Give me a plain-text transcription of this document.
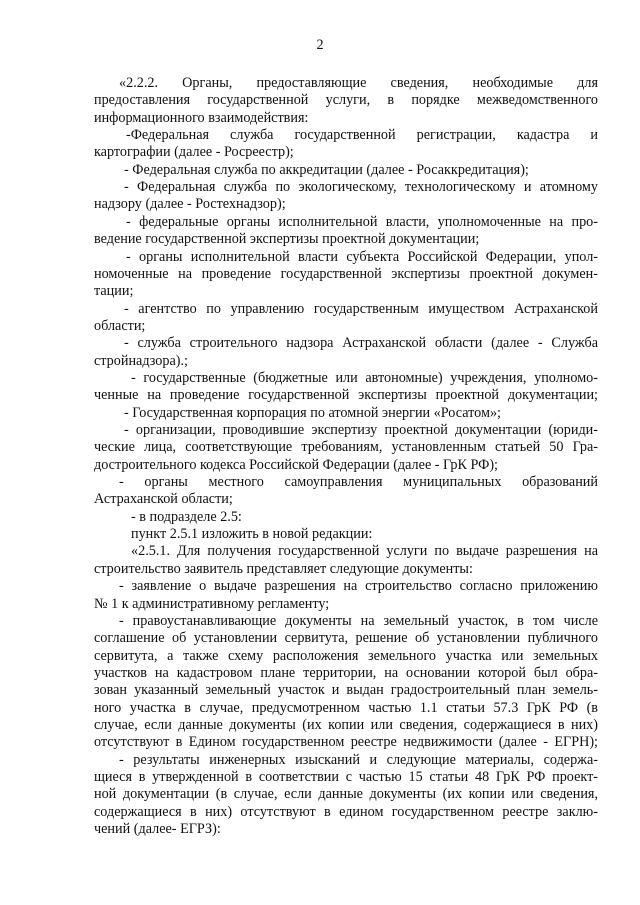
2
«2.2.2. Органы, предоставляющие сведения, необходимые для
предоставления государственной услуги, в порядке межведомственного
информационного взаимодействия:
-Федеральная служба государственной регистрации, кадастра и
картографии (далее - Росреестр);
- Федеральная служба по аккредитации (далее - Росаккредитация);
- Федеральная служба по экологическому, технологическому и атомному
надзору (далее - Ростехнадзор);
- федеральные органы исполнительной власти, уполномоченные на про-
ведение государственной экспертизы проектной документации;
- органы исполнительной власти субъекта Российской Федерации, упол-
номоченные на проведение государственной экспертизы проектной докумен-
тации;
- агентство по управлению государственным имуществом Астраханской
области;
- служба строительного надзора Астраханской области (далее - Служба
стройнадзора).;
- государственные (бюджетные или автономные) учреждения, уполномо-
ченные на проведение государственной экспертизы проектной документации;
- Государственная корпорация по атомной энергии «Росатом»;
- организации, проводившие экспертизу проектной документации (юриди-
ческие лица, соответствующие требованиям, установленным статьей 50 Гра-
достроительного кодекса Российской Федерации (далее - ГрК РФ);
- органы местного самоуправления муниципальных образований
Астраханской области;
- в подразделе 2.5:
пункт 2.5.1 изложить в новой редакции:
«2.5.1. Для получения государственной услуги по выдаче разрешения на
строительство заявитель представляет следующие документы:
- заявление о выдаче разрешения на строительство согласно приложению
№ 1 к административному регламенту;
- правоустанавливающие документы на земельный участок, в том числе
соглашение об установлении сервитута, решение об установлении публичного
сервитута, а также схему расположения земельного участка или земельных
участков на кадастровом плане территории, на основании которой был обра-
зован указанный земельный участок и выдан градостроительный план земель-
ного участка в случае, предусмотренном частью 1.1 статьи 57.3 ГрК РФ (в
случае, если данные документы (их копии или сведения, содержащиеся в них)
отсутствуют в Едином государственном реестре недвижимости (далее - ЕГРН);
- результаты инженерных изысканий и следующие материалы, содержа-
щиеся в утвержденной в соответствии с частью 15 статьи 48 ГрК РФ проект-
ной документации (в случае, если данные документы (их копии или сведения,
содержащиеся в них) отсутствуют в едином государственном реестре заклю-
чений (далее- ЕГРЗ):
